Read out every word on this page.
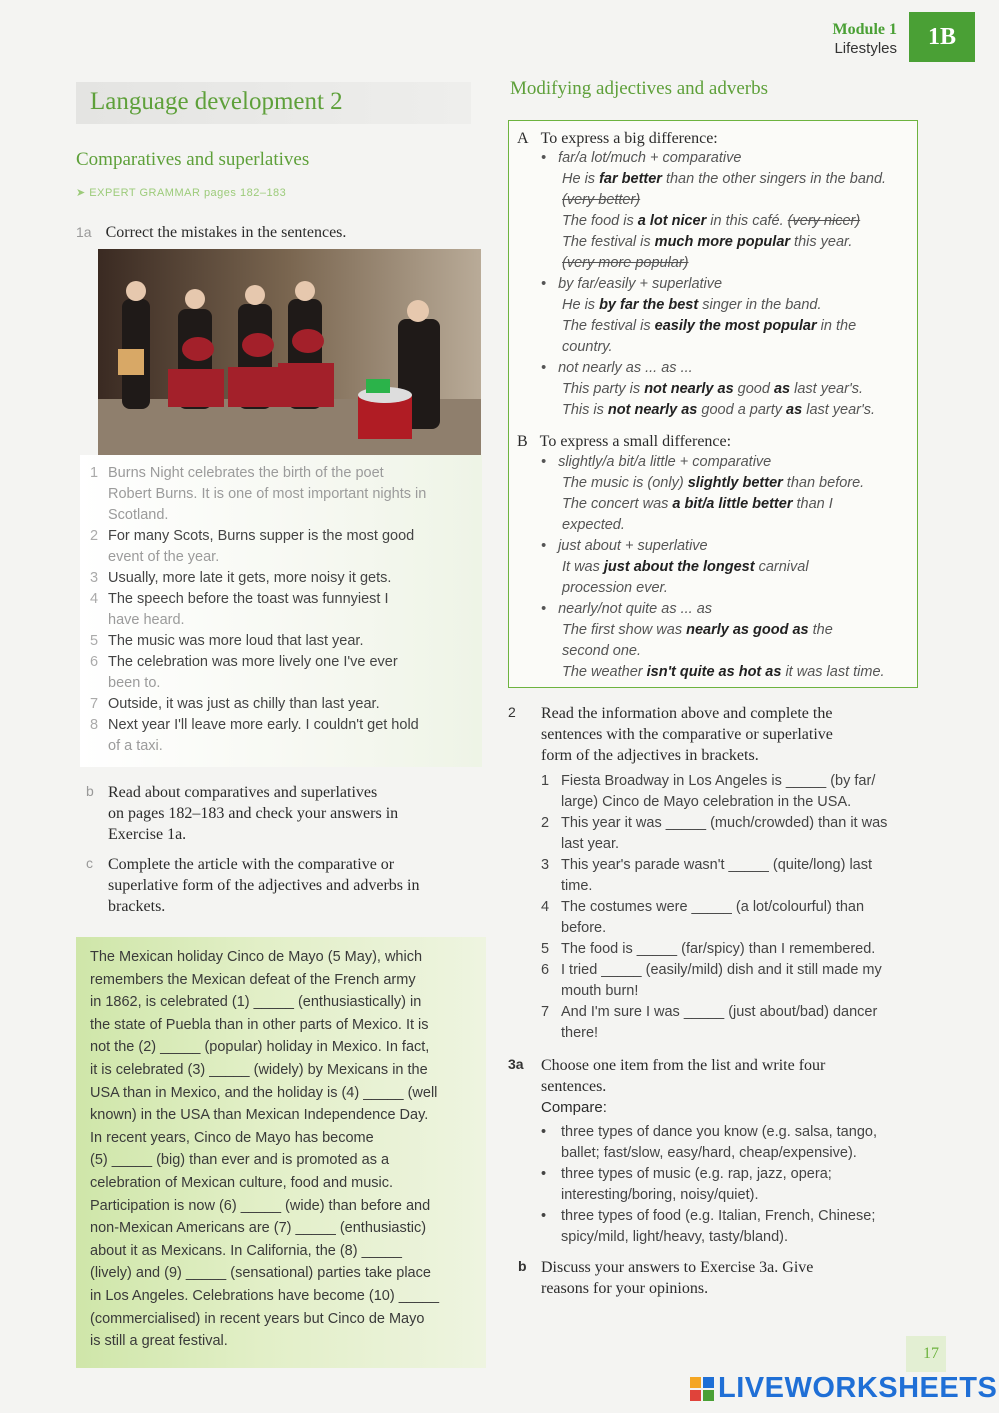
Module 1
Lifestyles 1B
Language development 2
Comparatives and superlatives
➤ EXPERT GRAMMAR pages 182–183
1a Correct the mistakes in the sentences.
1 Burns Night celebrates the birth of the poet
Robert Burns. It is one of most important nights in
Scotland.
2 For many Scots, Burns supper is the most good
event of the year.
3 Usually, more late it gets, more noisy it gets.
4 The speech before the toast was funnyiest I
have heard.
5 The music was more loud that last year.
6 The celebration was more lively one I've ever
been to.
7 Outside, it was just as chilly than last year.
8 Next year I'll leave more early. I couldn't get hold
of a taxi.
b Read about comparatives and superlatives
on pages 182–183 and check your answers in
Exercise 1a.
c Complete the article with the comparative or
superlative form of the adjectives and adverbs in
brackets.
The Mexican holiday Cinco de Mayo (5 May), which
remembers the Mexican defeat of the French army
in 1862, is celebrated (1) _____ (enthusiastically) in
the state of Puebla than in other parts of Mexico. It is
not the (2) _____ (popular) holiday in Mexico. In fact,
it is celebrated (3) _____ (widely) by Mexicans in the
USA than in Mexico, and the holiday is (4) _____ (well
known) in the USA than Mexican Independence Day.
In recent years, Cinco de Mayo has become
(5) _____ (big) than ever and is promoted as a
celebration of Mexican culture, food and music.
Participation is now (6) _____ (wide) than before and
non-Mexican Americans are (7) _____ (enthusiastic)
about it as Mexicans. In California, the (8) _____
(lively) and (9) _____ (sensational) parties take place
in Los Angeles. Celebrations have become (10) _____
(commercialised) in recent years but Cinco de Mayo
is still a great festival.
Modifying adjectives and adverbs
A To express a big difference:
• far/a lot/much + comparative
He is far better than the other singers in the band.
(very better)
The food is a lot nicer in this café. (very nicer)
The festival is much more popular this year.
(very more popular)
• by far/easily + superlative
He is by far the best singer in the band.
The festival is easily the most popular in the
country.
• not nearly as ... as ...
This party is not nearly as good as last year's.
This is not nearly as good a party as last year's.
B To express a small difference:
• slightly/a bit/a little + comparative
The music is (only) slightly better than before.
The concert was a bit/a little better than I
expected.
• just about + superlative
It was just about the longest carnival
procession ever.
• nearly/not quite as ... as
The first show was nearly as good as the
second one.
The weather isn't quite as hot as it was last time.
2	Read the information above and complete the
sentences with the comparative or superlative
form of the adjectives in brackets.
1 Fiesta Broadway in Los Angeles is _____ (by far/
large) Cinco de Mayo celebration in the USA.
2 This year it was _____ (much/crowded) than it was
last year.
3 This year's parade wasn't _____ (quite/long) last
time.
4 The costumes were _____ (a lot/colourful) than
before.
5 The food is _____ (far/spicy) than I remembered.
6 I tried _____ (easily/mild) dish and it still made my
mouth burn!
7 And I'm sure I was _____ (just about/bad) dancer
there!
3a	Choose one item from the list and write four
sentences.
Compare:
•	three types of dance you know (e.g. salsa, tango,
ballet; fast/slow, easy/hard, cheap/expensive).
•	three types of music (e.g. rap, jazz, opera;
interesting/boring, noisy/quiet).
•	three types of food (e.g. Italian, French, Chinese;
spicy/mild, light/heavy, tasty/bland).
b Discuss your answers to Exercise 3a. Give
reasons for your opinions.
17
LIVEWORKSHEETS
